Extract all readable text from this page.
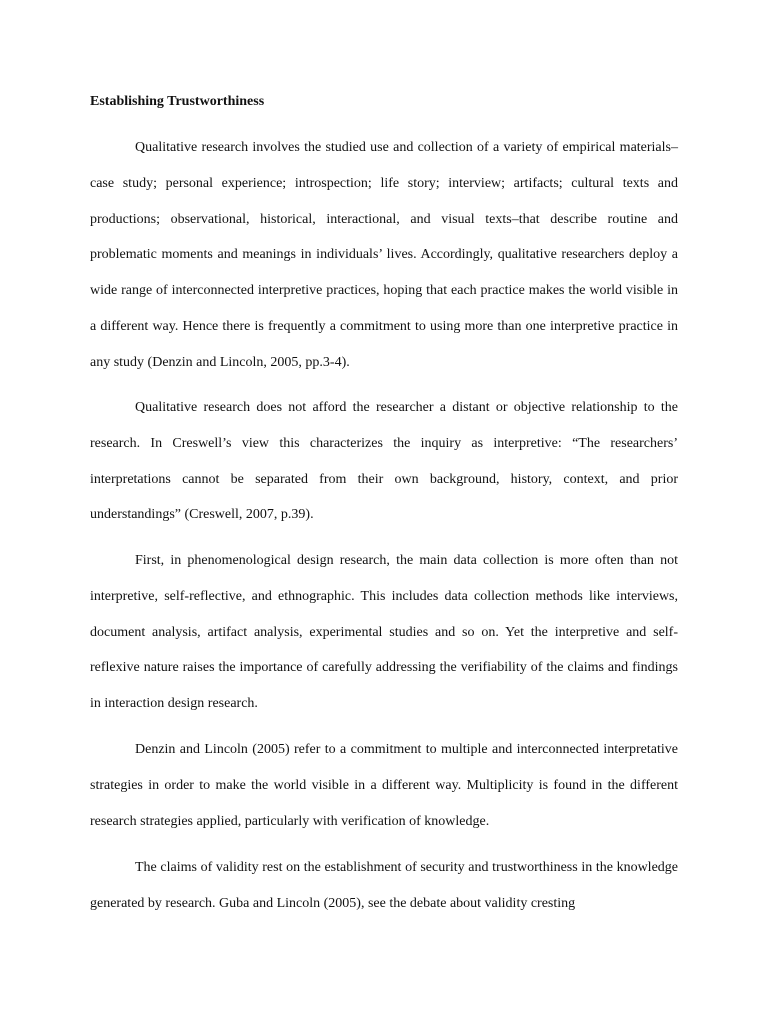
Establishing Trustworthiness

Qualitative research involves the studied use and collection of a variety of empirical materials–case study; personal experience; introspection; life story; interview; artifacts; cultural texts and productions; observational, historical, interactional, and visual texts–that describe routine and problematic moments and meanings in individuals’ lives. Accordingly, qualitative researchers deploy a wide range of interconnected interpretive practices, hoping that each practice makes the world visible in a different way. Hence there is frequently a commitment to using more than one interpretive practice in any study (Denzin and Lincoln, 2005, pp.3-4).

Qualitative research does not afford the researcher a distant or objective relationship to the research. In Creswell’s view this characterizes the inquiry as interpretive: “The researchers’ interpretations cannot be separated from their own background, history, context, and prior understandings” (Creswell, 2007, p.39).

First, in phenomenological design research, the main data collection is more often than not interpretive, self-reflective, and ethnographic. This includes data collection methods like interviews, document analysis, artifact analysis, experimental studies and so on. Yet the interpretive and self-reflexive nature raises the importance of carefully addressing the verifiability of the claims and findings in interaction design research.

Denzin and Lincoln (2005) refer to a commitment to multiple and interconnected interpretative strategies in order to make the world visible in a different way. Multiplicity is found in the different research strategies applied, particularly with verification of knowledge.

The claims of validity rest on the establishment of security and trustworthiness in the knowledge generated by research. Guba and Lincoln (2005), see the debate about validity cresting
